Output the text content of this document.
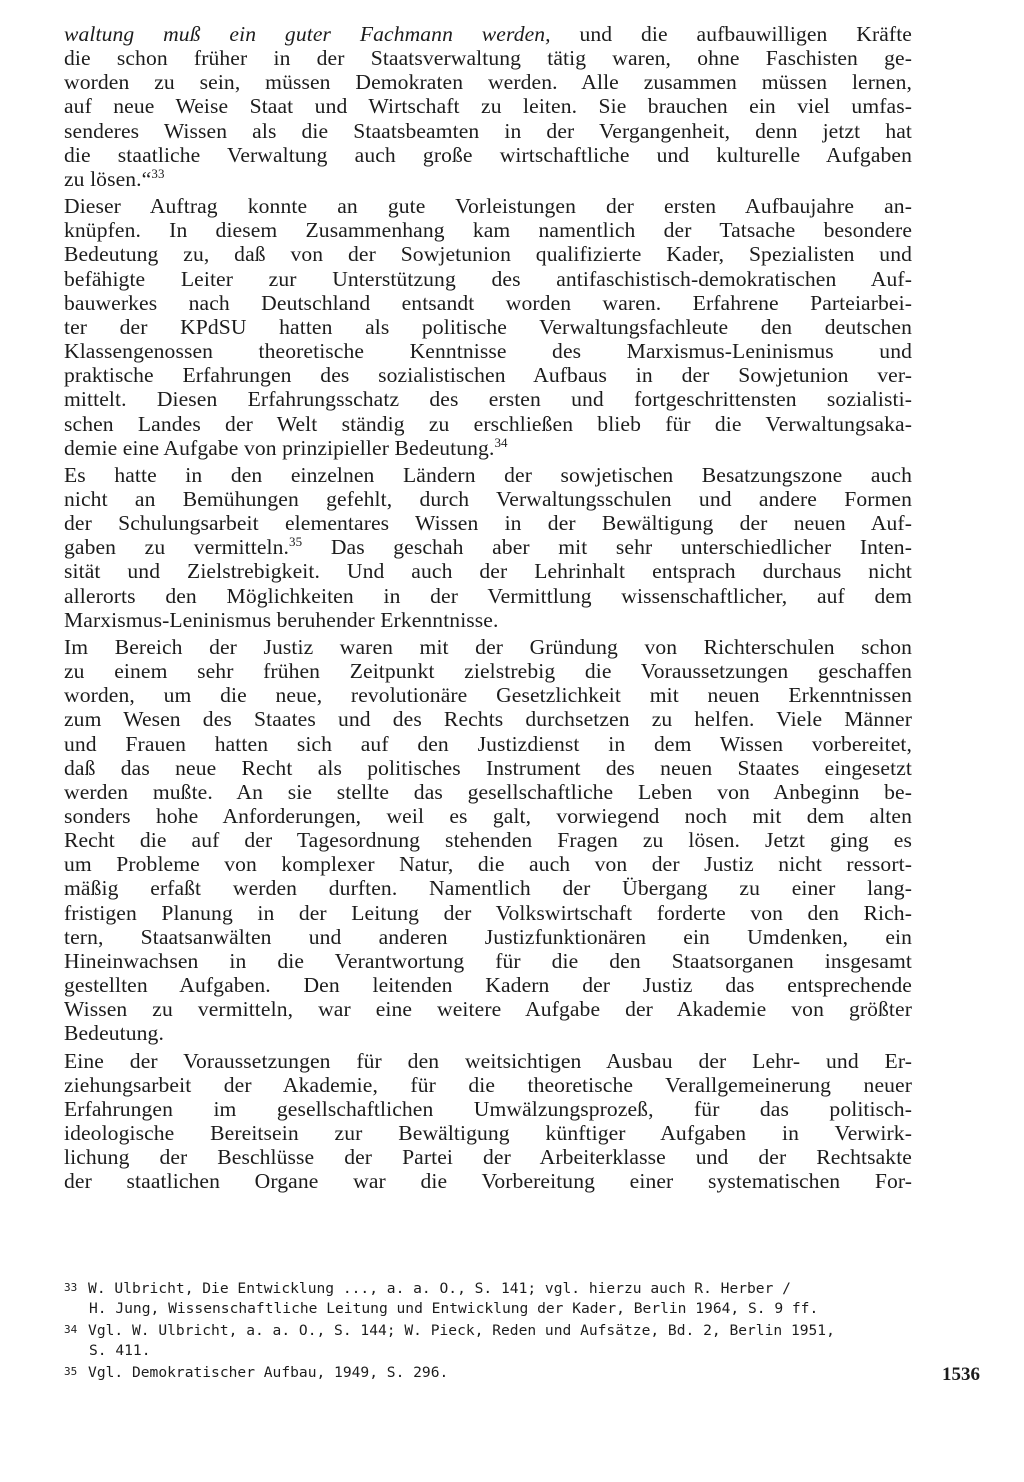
waltung muß ein guter Fachmann werden, und die aufbauwilligen Kräfte
die schon früher in der Staatsverwaltung tätig waren, ohne Faschisten ge-
worden zu sein, müssen Demokraten werden. Alle zusammen müssen lernen,
auf neue Weise Staat und Wirtschaft zu leiten. Sie brauchen ein viel umfas-
senderes Wissen als die Staatsbeamten in der Vergangenheit, denn jetzt hat
die staatliche Verwaltung auch große wirtschaftliche und kulturelle Aufgaben
zu lösen.“$^{33}$

Dieser Auftrag konnte an gute Vorleistungen der ersten Aufbaujahre an-
knüpfen. In diesem Zusammenhang kam namentlich der Tatsache besondere
Bedeutung zu, daß von der Sowjetunion qualifizierte Kader, Spezialisten und
befähigte Leiter zur Unterstützung des antifaschistisch-demokratischen Auf-
bauwerkes nach Deutschland entsandt worden waren. Erfahrene Parteiarbei-
ter der KPdSU hatten als politische Verwaltungsfachleute den deutschen
Klassengenossen theoretische Kenntnisse des Marxismus-Leninismus und
praktische Erfahrungen des sozialistischen Aufbaus in der Sowjetunion ver-
mittelt. Diesen Erfahrungsschatz des ersten und fortgeschrittensten sozialisti-
schen Landes der Welt ständig zu erschließen blieb für die Verwaltungsaka-
demie eine Aufgabe von prinzipieller Bedeutung.$^{34}$

Es hatte in den einzelnen Ländern der sowjetischen Besatzungszone auch
nicht an Bemühungen gefehlt, durch Verwaltungsschulen und andere Formen
der Schulungsarbeit elementares Wissen in der Bewältigung der neuen Auf-
gaben zu vermitteln.$^{35}$ Das geschah aber mit sehr unterschiedlicher Inten-
sität und Zielstrebigkeit. Und auch der Lehrinhalt entsprach durchaus nicht
allerorts den Möglichkeiten in der Vermittlung wissenschaftlicher, auf dem
Marxismus-Leninismus beruhender Erkenntnisse.

Im Bereich der Justiz waren mit der Gründung von Richterschulen schon
zu einem sehr frühen Zeitpunkt zielstrebig die Voraussetzungen geschaffen
worden, um die neue, revolutionäre Gesetzlichkeit mit neuen Erkenntnissen
zum Wesen des Staates und des Rechts durchsetzen zu helfen. Viele Männer
und Frauen hatten sich auf den Justizdienst in dem Wissen vorbereitet,
daß das neue Recht als politisches Instrument des neuen Staates eingesetzt
werden mußte. An sie stellte das gesellschaftliche Leben von Anbeginn be-
sonders hohe Anforderungen, weil es galt, vorwiegend noch mit dem alten
Recht die auf der Tagesordnung stehenden Fragen zu lösen. Jetzt ging es
um Probleme von komplexer Natur, die auch von der Justiz nicht ressort-
mäßig erfaßt werden durften. Namentlich der Übergang zu einer lang-
fristigen Planung in der Leitung der Volkswirtschaft forderte von den Rich-
tern, Staatsanwälten und anderen Justizfunktionären ein Umdenken, ein
Hineinwachsen in die Verantwortung für die den Staatsorganen insgesamt
gestellten Aufgaben. Den leitenden Kadern der Justiz das entsprechende
Wissen zu vermitteln, war eine weitere Aufgabe der Akademie von größter
Bedeutung.

Eine der Voraussetzungen für den weitsichtigen Ausbau der Lehr- und Er-
ziehungsarbeit der Akademie, für die theoretische Verallgemeinerung neuer
Erfahrungen im gesellschaftlichen Umwälzungsprozeß, für das politisch-
ideologische Bereitsein zur Bewältigung künftiger Aufgaben in Verwirk-
lichung der Beschlüsse der Partei der Arbeiterklasse und der Rechtsakte
der staatlichen Organe war die Vorbereitung einer systematischen For-

33 W. Ulbricht, Die Entwicklung ..., a. a. O., S. 141; vgl. hierzu auch R. Herber /
H. Jung, Wissenschaftliche Leitung und Entwicklung der Kader, Berlin 1964, S. 9 ff.
34 Vgl. W. Ulbricht, a. a. O., S. 144; W. Pieck, Reden und Aufsätze, Bd. 2, Berlin 1951,
S. 411.
35 Vgl. Demokratischer Aufbau, 1949, S. 296.	1536
